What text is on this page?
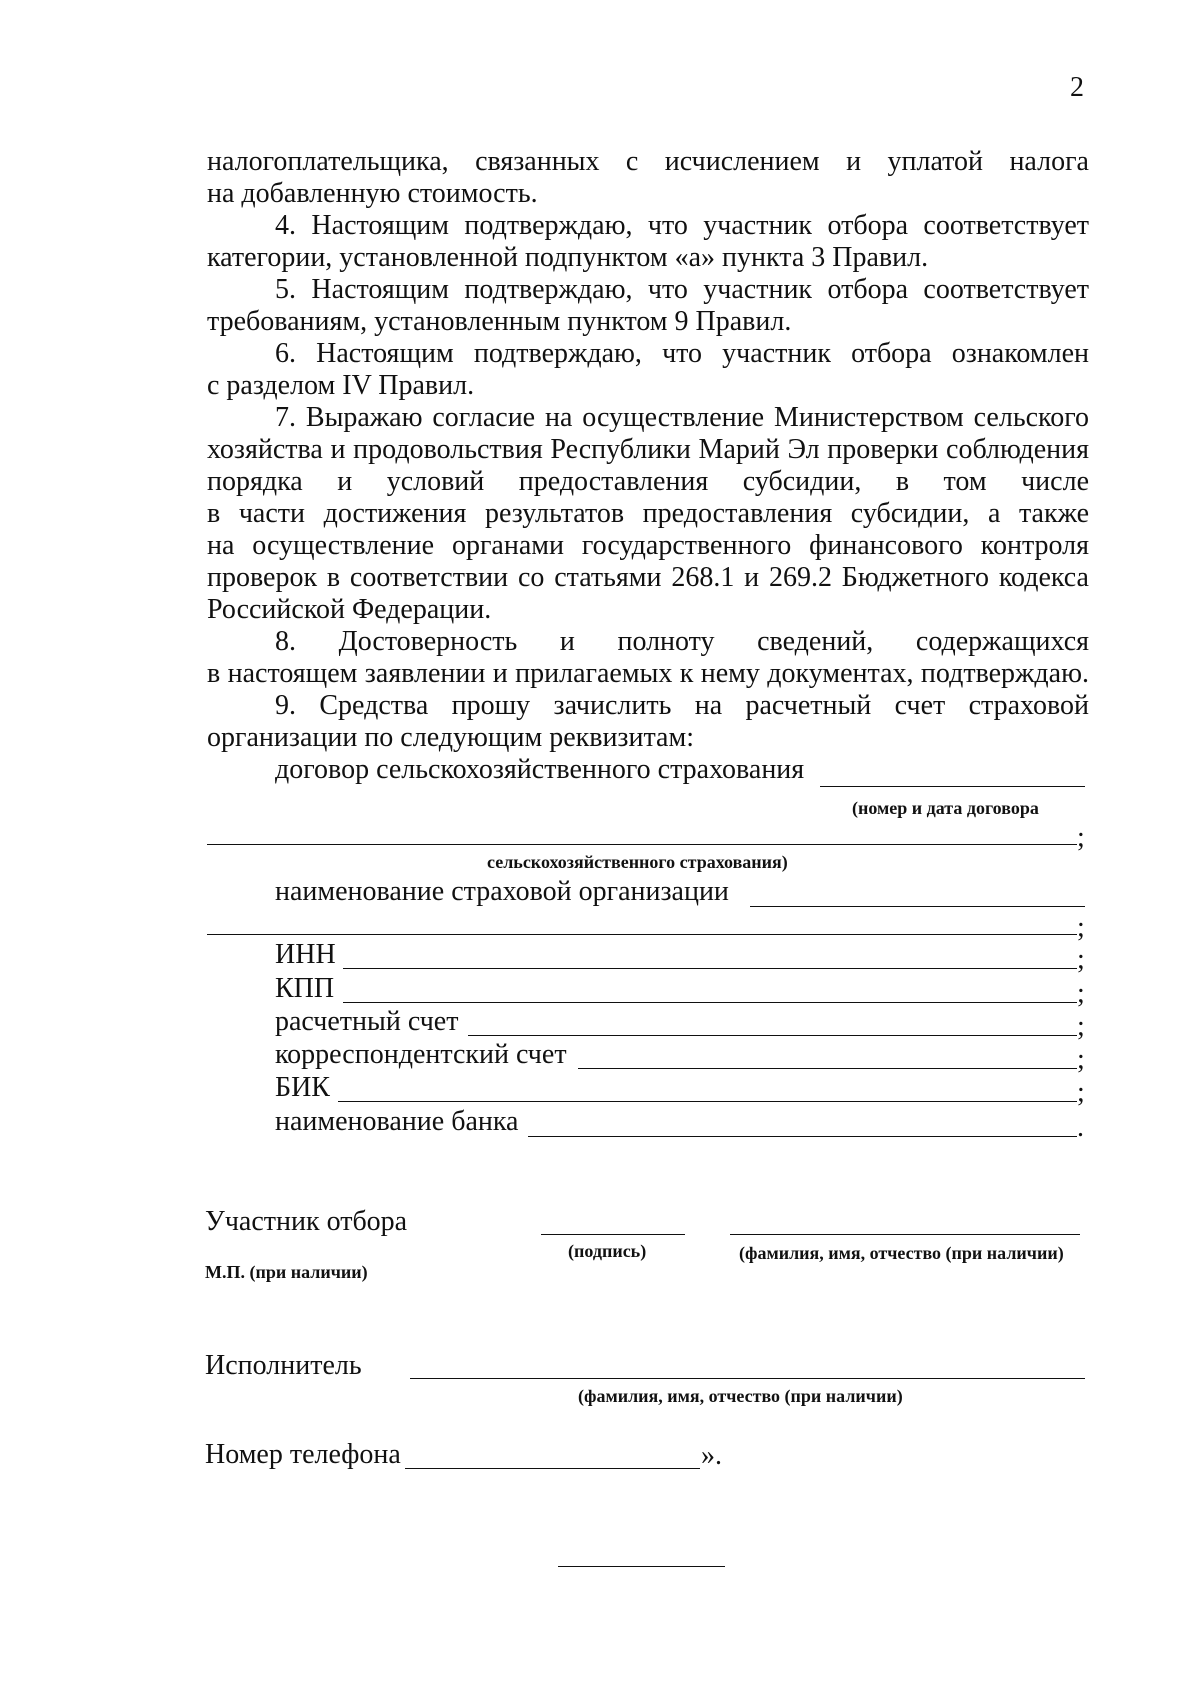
2
налогоплательщика, связанных с исчислением и уплатой налога
на добавленную стоимость.
4. Настоящим подтверждаю, что участник отбора соответствует
категории, установленной подпунктом «а» пункта 3 Правил.
5. Настоящим подтверждаю, что участник отбора соответствует
требованиям, установленным пунктом 9 Правил.
6. Настоящим подтверждаю, что участник отбора ознакомлен
с разделом IV Правил.
7. Выражаю согласие на осуществление Министерством сельского
хозяйства и продовольствия Республики Марий Эл проверки соблюдения
порядка и условий предоставления субсидии, в том числе
в части достижения результатов предоставления субсидии, а также
на осуществление органами государственного финансового контроля
проверок в соответствии со статьями 268.1 и 269.2 Бюджетного кодекса
Российской Федерации.
8. Достоверность и полноту сведений, содержащихся
в настоящем заявлении и прилагаемых к нему документах, подтверждаю.
9. Средства прошу зачислить на расчетный счет страховой
организации по следующим реквизитам:
договор сельскохозяйственного страхования
(номер и дата договора
;
сельскохозяйственного страхования)
наименование страховой организации
;
ИНН	;
КПП	;
расчетный счет	;
корреспондентский счет	;
БИК	;
наименование банка	.
Участник отбора
(подпись)	(фамилия, имя, отчество (при наличии)
М.П. (при наличии)
Исполнитель
(фамилия, имя, отчество (при наличии)
Номер телефона	».
